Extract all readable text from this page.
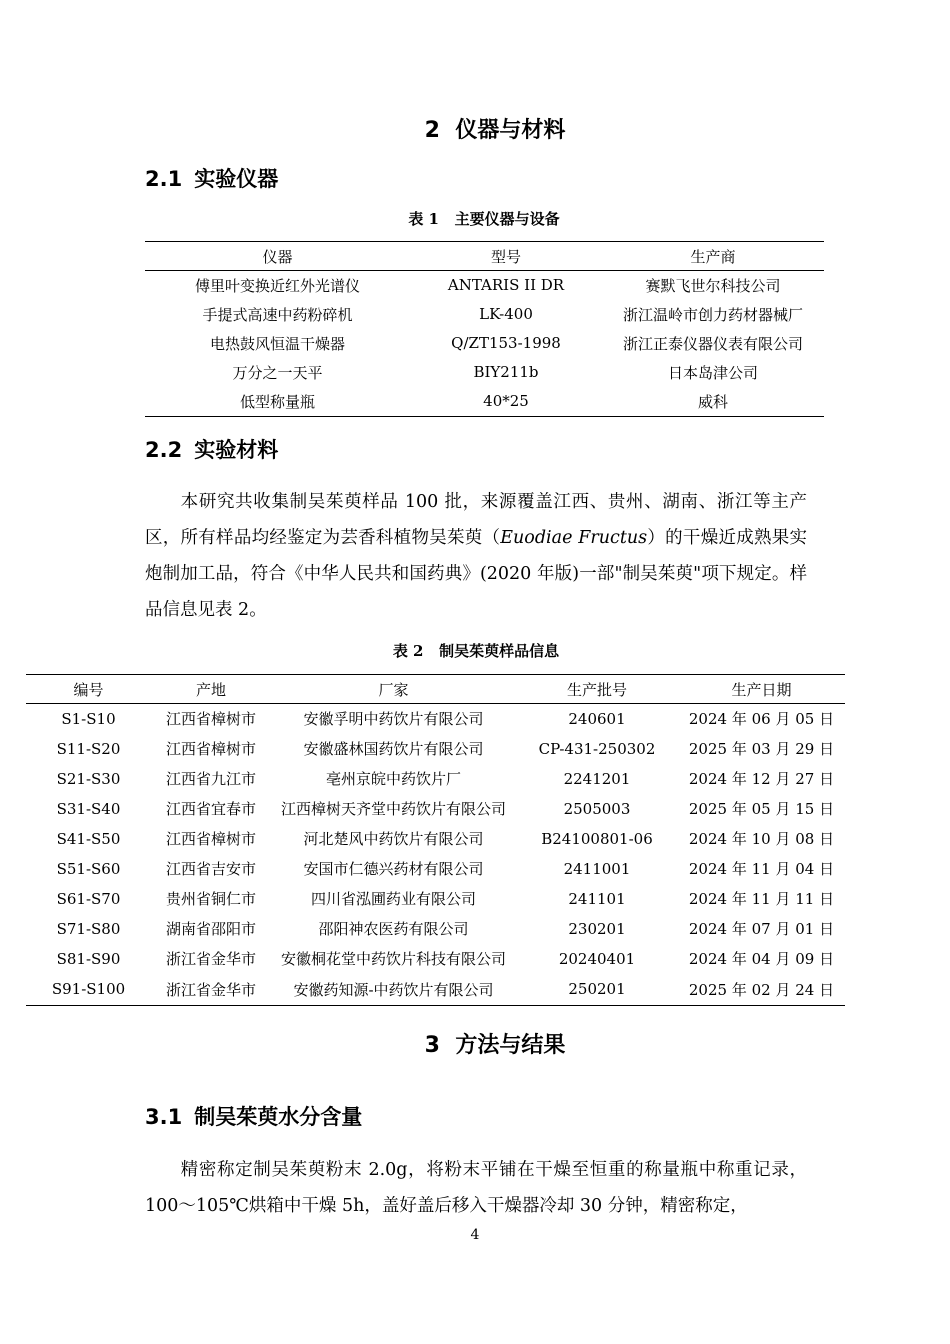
2 仪器与材料
2.1 实验仪器
表 1 主要仪器与设备
仪器	型号	生产商
傅里叶变换近红外光谱仪	ANTARIS II DR	赛默飞世尔科技公司
手提式高速中药粉碎机	LK-400	浙江温岭市创力药材器械厂
电热鼓风恒温干燥器	Q/ZT153-1998	浙江正泰仪器仪表有限公司
万分之一天平	BIY211b	日本岛津公司
低型称量瓶	40*25	威科
2.2 实验材料

本研究共收集制吴茱萸样品 100 批，来源覆盖江西、贵州、湖南、浙江等主产区，所有样品均经鉴定为芸香科植物吴茱萸（Euodiae Fructus）的干燥近成熟果实炮制加工品，符合《中华人民共和国药典》(2020 年版)一部"制吴茱萸"项下规定。样品信息见表 2。

表 2 制吴茱萸样品信息
编号	产地	厂家	生产批号	生产日期
S1-S10	江西省樟树市	安徽孚明中药饮片有限公司	240601	2024 年 06 月 05 日
S11-S20	江西省樟树市	安徽盛林国药饮片有限公司	CP-431-250302	2025 年 03 月 29 日
S21-S30	江西省九江市	亳州京皖中药饮片厂	2241201	2024 年 12 月 27 日
S31-S40	江西省宜春市	江西樟树天齐堂中药饮片有限公司	2505003	2025 年 05 月 15 日
S41-S50	江西省樟树市	河北楚风中药饮片有限公司	B24100801-06	2024 年 10 月 08 日
S51-S60	江西省吉安市	安国市仁德兴药材有限公司	2411001	2024 年 11 月 04 日
S61-S70	贵州省铜仁市	四川省泓圃药业有限公司	241101	2024 年 11 月 11 日
S71-S80	湖南省邵阳市	邵阳神农医药有限公司	230201	2024 年 07 月 01 日
S81-S90	浙江省金华市	安徽桐花堂中药饮片科技有限公司	20240401	2024 年 04 月 09 日
S91-S100	浙江省金华市	安徽药知源-中药饮片有限公司	250201	2025 年 02 月 24 日
3 方法与结果
3.1 制吴茱萸水分含量

精密称定制吴茱萸粉末 2.0g，将粉末平铺在干燥至恒重的称量瓶中称重记录，100～105℃烘箱中干燥 5h，盖好盖后移入干燥器冷却 30 分钟，精密称定，

4
